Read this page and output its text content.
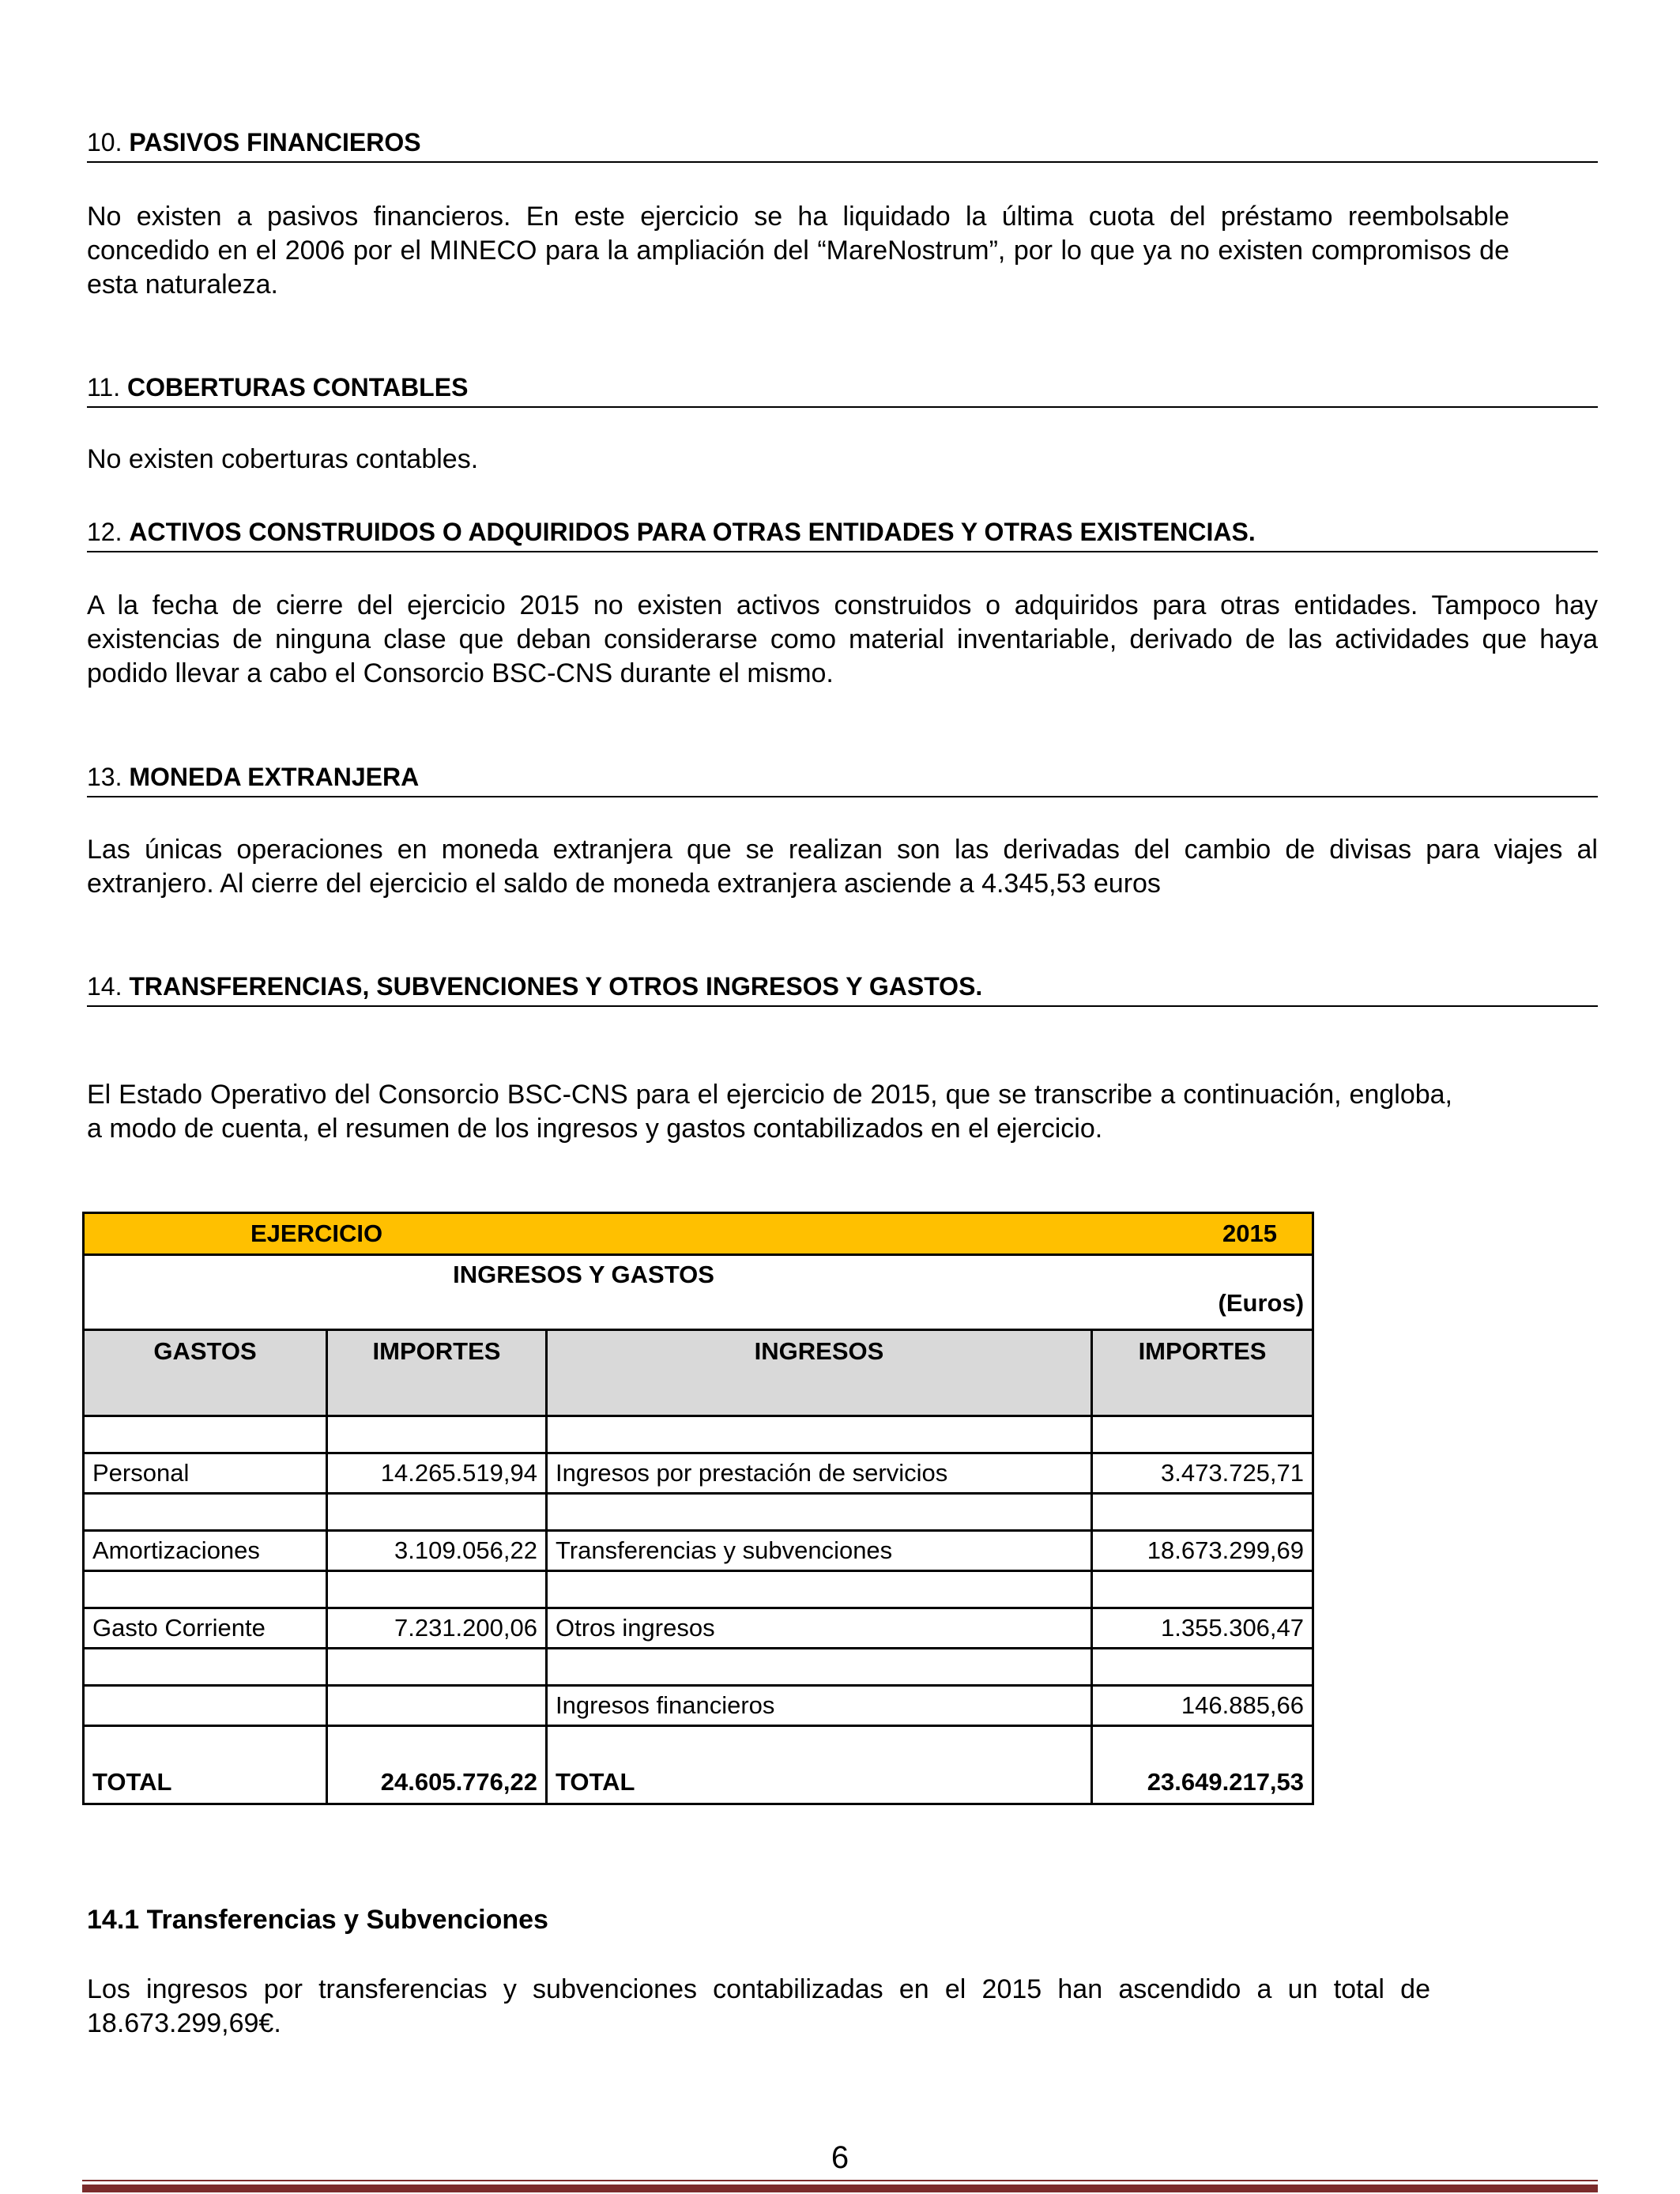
10. PASIVOS FINANCIEROS
No existen a pasivos financieros. En este ejercicio se ha liquidado la última cuota del préstamo reembolsable concedido en el 2006 por el MINECO para la ampliación del “MareNostrum”, por lo que ya no existen compromisos de esta naturaleza.
11. COBERTURAS CONTABLES
No existen coberturas contables.
12. ACTIVOS CONSTRUIDOS O ADQUIRIDOS PARA OTRAS ENTIDADES Y OTRAS EXISTENCIAS.
A la fecha de cierre del ejercicio 2015 no existen activos construidos o adquiridos para otras entidades. Tampoco hay existencias de ninguna clase que deban considerarse como material inventariable, derivado de las actividades que haya podido llevar a cabo el Consorcio BSC-CNS durante el mismo.
13. MONEDA EXTRANJERA
Las únicas operaciones en moneda extranjera que se realizan son las derivadas del cambio de divisas para viajes al extranjero. Al cierre del ejercicio el saldo de moneda extranjera asciende a 4.345,53 euros
14. TRANSFERENCIAS, SUBVENCIONES Y OTROS INGRESOS Y GASTOS.
El Estado Operativo del Consorcio BSC-CNS para el ejercicio de 2015, que se transcribe a continuación, engloba, a modo de cuenta, el resumen de los ingresos y gastos contabilizados en el ejercicio.
EJERCICIO 2015			

INGRESOS Y GASTOS
(Euros)			

GASTOS	IMPORTES	INGRESOS	IMPORTES

Personal	14.265.519,94	Ingresos por prestación de servicios	3.473.725,71

Amortizaciones	3.109.056,22	Transferencias y subvenciones	18.673.299,69

Gasto Corriente	7.231.200,06	Otros ingresos	1.355.306,47

		Ingresos financieros	146.885,66
TOTAL	24.605.776,22	TOTAL	23.649.217,53
14.1 Transferencias y Subvenciones
Los ingresos por transferencias y subvenciones contabilizadas en el 2015 han ascendido a un total de 18.673.299,69€.
6
